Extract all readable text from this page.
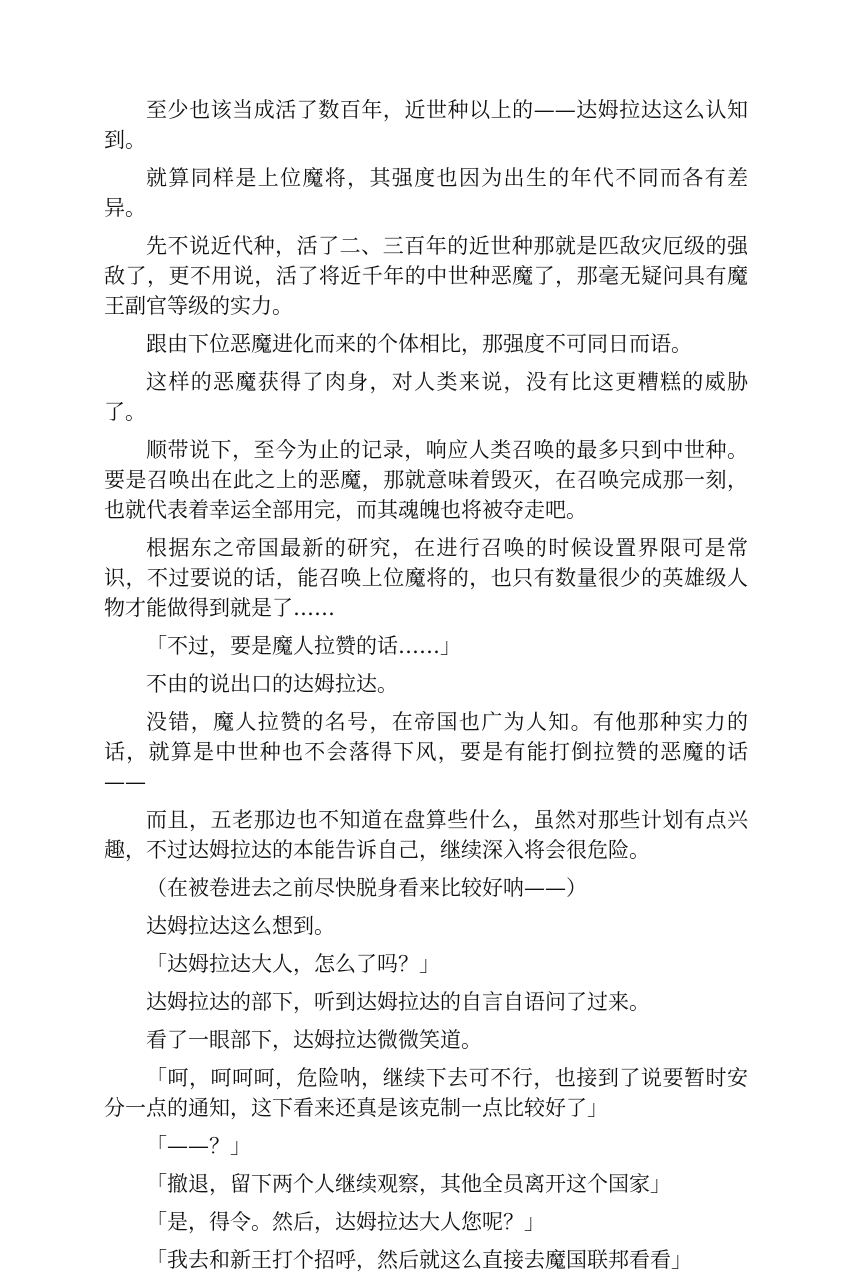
至少也该当成活了数百年，近世种以上的——达姆拉达这么认知到。

就算同样是上位魔将，其强度也因为出生的年代不同而各有差异。

先不说近代种，活了二、三百年的近世种那就是匹敌灾厄级的强敌了，更不用说，活了将近千年的中世种恶魔了，那毫无疑问具有魔王副官等级的实力。

跟由下位恶魔进化而来的个体相比，那强度不可同日而语。

这样的恶魔获得了肉身，对人类来说，没有比这更糟糕的威胁了。

顺带说下，至今为止的记录，响应人类召唤的最多只到中世种。要是召唤出在此之上的恶魔，那就意味着毁灭，在召唤完成那一刻，也就代表着幸运全部用完，而其魂魄也将被夺走吧。

根据东之帝国最新的研究，在进行召唤的时候设置界限可是常识，不过要说的话，能召唤上位魔将的，也只有数量很少的英雄级人物才能做得到就是了……

「不过，要是魔人拉赞的话……」

不由的说出口的达姆拉达。

没错，魔人拉赞的名号，在帝国也广为人知。有他那种实力的话，就算是中世种也不会落得下风，要是有能打倒拉赞的恶魔的话——

而且，五老那边也不知道在盘算些什么，虽然对那些计划有点兴趣，不过达姆拉达的本能告诉自己，继续深入将会很危险。

（在被卷进去之前尽快脱身看来比较好呐——）

达姆拉达这么想到。

「达姆拉达大人，怎么了吗？」

达姆拉达的部下，听到达姆拉达的自言自语问了过来。

看了一眼部下，达姆拉达微微笑道。

「呵，呵呵呵，危险呐，继续下去可不行，也接到了说要暂时安分一点的通知，这下看来还真是该克制一点比较好了」

「——？」

「撤退，留下两个人继续观察，其他全员离开这个国家」

「是，得令。然后，达姆拉达大人您呢？」

「我去和新王打个招呼，然后就这么直接去魔国联邦看看」
